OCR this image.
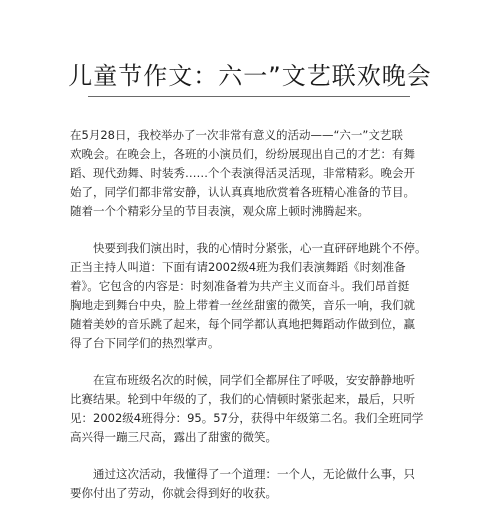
儿童节作文：六一”文艺联欢晚会

在5月28日，我校举办了一次非常有意义的活动——“六一”文艺联
欢晚会。在晚会上，各班的小演员们，纷纷展现出自己的才艺：有舞
蹈、现代劲舞、时装秀……个个表演得活灵活现，非常精彩。晚会开
始了，同学们都非常安静，认认真真地欣赏着各班精心准备的节目。
随着一个个精彩分呈的节目表演，观众席上顿时沸腾起来。

　　快要到我们演出时，我的心情时分紧张，心一直砰砰地跳个不停。
正当主持人叫道：下面有请2002级4班为我们表演舞蹈《时刻准备
着》。它包含的内容是：时刻准备着为共产主义而奋斗。我们昂首挺
胸地走到舞台中央，脸上带着一丝丝甜蜜的微笑，音乐一响，我们就
随着美妙的音乐跳了起来，每个同学都认真地把舞蹈动作做到位，赢
得了台下同学们的热烈掌声。

　　在宣布班级名次的时候，同学们全都屏住了呼吸，安安静静地听
比赛结果。轮到中年级的了，我们的心情顿时紧张起来，最后，只听
见：2002级4班得分：95。57分，获得中年级第二名。我们全班同学
高兴得一蹦三尺高，露出了甜蜜的微笑。

　　通过这次活动，我懂得了一个道理：一个人，无论做什么事，只
要你付出了劳动，你就会得到好的收获。
